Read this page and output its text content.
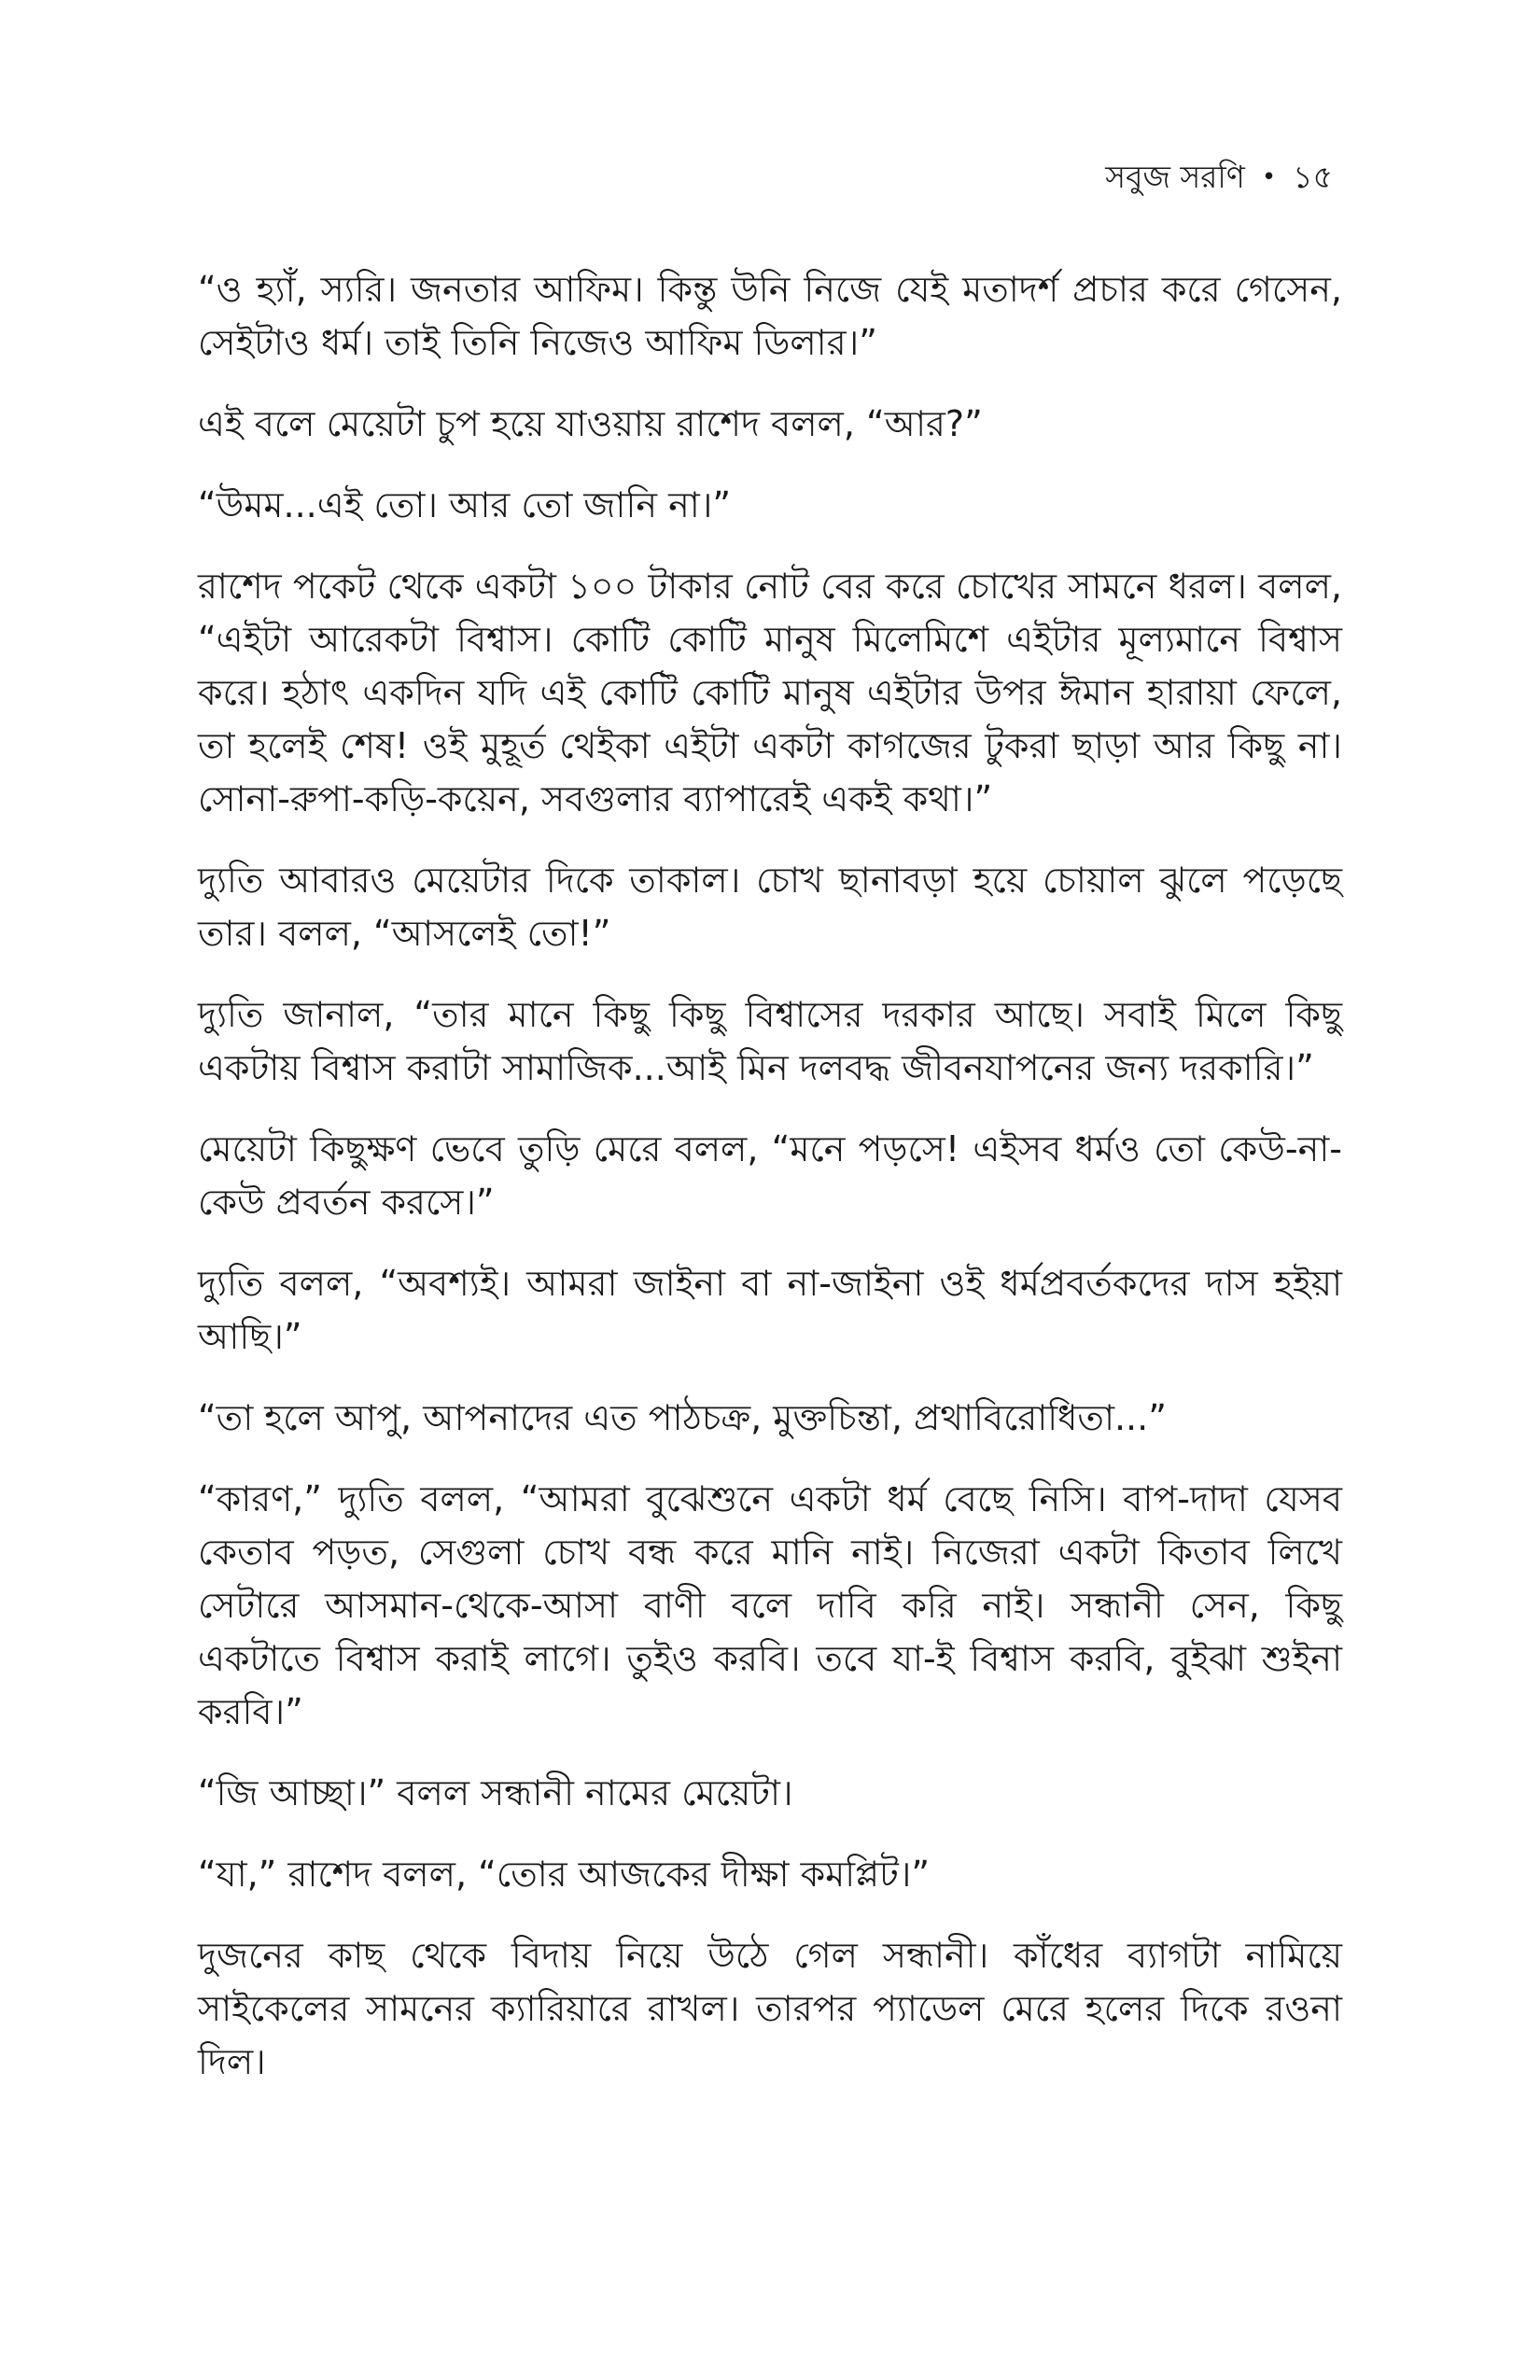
সবুজ সরণি • ১৫

“ও হ্যাঁ, স্যরি। জনতার আফিম। কিন্তু উনি নিজে যেই মতাদর্শ প্রচার করে গেসেন, সেইটাও ধর্ম। তাই তিনি নিজেও আফিম ডিলার।”

এই বলে মেয়েটা চুপ হয়ে যাওয়ায় রাশেদ বলল, “আর?”

“উমম...এই তো। আর তো জানি না।”

রাশেদ পকেট থেকে একটা ১০০ টাকার নোট বের করে চোখের সামনে ধরল। বলল, “এইটা আরেকটা বিশ্বাস। কোটি কোটি মানুষ মিলেমিশে এইটার মূল্যমানে বিশ্বাস করে। হঠাৎ একদিন যদি এই কোটি কোটি মানুষ এইটার উপর ঈমান হারায়া ফেলে, তা হলেই শেষ! ওই মুহূর্ত থেইকা এইটা একটা কাগজের টুকরা ছাড়া আর কিছু না। সোনা-রুপা-কড়ি-কয়েন, সবগুলার ব্যাপারেই একই কথা।”

দ্যুতি আবারও মেয়েটার দিকে তাকাল। চোখ ছানাবড়া হয়ে চোয়াল ঝুলে পড়েছে তার। বলল, “আসলেই তো!”

দ্যুতি জানাল, “তার মানে কিছু কিছু বিশ্বাসের দরকার আছে। সবাই মিলে কিছু একটায় বিশ্বাস করাটা সামাজিক...আই মিন দলবদ্ধ জীবনযাপনের জন্য দরকারি।”

মেয়েটা কিছুক্ষণ ভেবে তুড়ি মেরে বলল, “মনে পড়সে! এইসব ধর্মও তো কেউ-না-কেউ প্রবর্তন করসে।”

দ্যুতি বলল, “অবশ্যই। আমরা জাইনা বা না-জাইনা ওই ধর্মপ্রবর্তকদের দাস হইয়া আছি।”

“তা হলে আপু, আপনাদের এত পাঠচক্র, মুক্তচিন্তা, প্রথাবিরোধিতা...”

“কারণ,” দ্যুতি বলল, “আমরা বুঝেশুনে একটা ধর্ম বেছে নিসি। বাপ-দাদা যেসব কেতাব পড়ত, সেগুলা চোখ বন্ধ করে মানি নাই। নিজেরা একটা কিতাব লিখে সেটারে আসমান-থেকে-আসা বাণী বলে দাবি করি নাই। সন্ধানী সেন, কিছু একটাতে বিশ্বাস করাই লাগে। তুইও করবি। তবে যা-ই বিশ্বাস করবি, বুইঝা শুইনা করবি।”

“জি আচ্ছা।” বলল সন্ধানী নামের মেয়েটা।

“যা,” রাশেদ বলল, “তোর আজকের দীক্ষা কমপ্লিট।”

দুজনের কাছ থেকে বিদায় নিয়ে উঠে গেল সন্ধানী। কাঁধের ব্যাগটা নামিয়ে সাইকেলের সামনের ক্যারিয়ারে রাখল। তারপর প্যাডেল মেরে হলের দিকে রওনা দিল।
